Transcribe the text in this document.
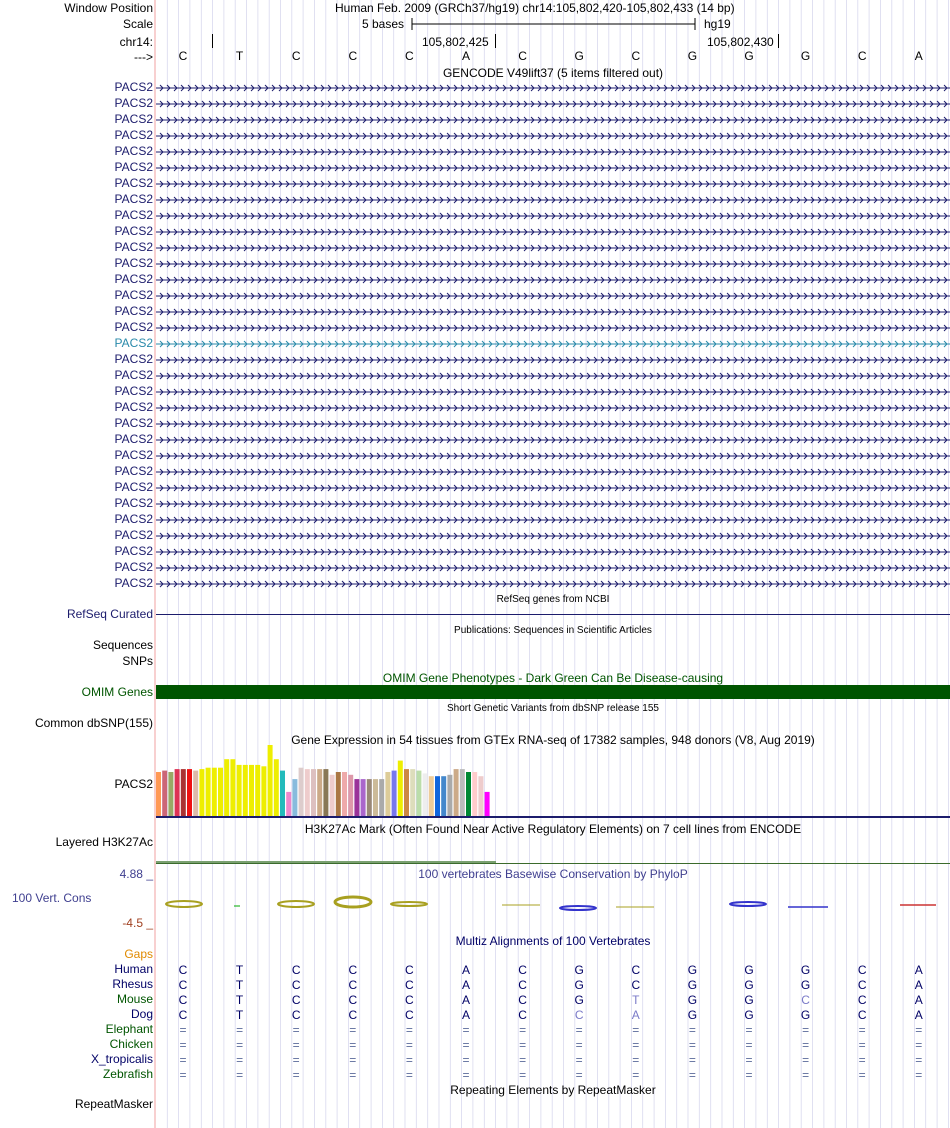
Window Position	Human Feb. 2009 (GRCh37/hg19) chr14:105,802,420-105,802,433 (14 bp)
Scale	5 bases	hg19
chr14:	105,802,425	105,802,430
--->	C	T	C	C	C	A	C	G	C	G	G	G	C	A
GENCODE V49lift37 (5 items filtered out)
PACS2
PACS2
PACS2
PACS2
PACS2
PACS2
PACS2
PACS2
PACS2
PACS2
PACS2
PACS2
PACS2
PACS2
PACS2
PACS2
PACS2
PACS2
PACS2
PACS2
PACS2
PACS2
PACS2
PACS2
PACS2
PACS2
PACS2
PACS2
PACS2
PACS2
PACS2
PACS2
RefSeq genes from NCBI
RefSeq Curated
Publications: Sequences in Scientific Articles
Sequences
SNPs
OMIM Gene Phenotypes - Dark Green Can Be Disease-causing
OMIM Genes
Short Genetic Variants from dbSNP release 155
Common dbSNP(155)
Gene Expression in 54 tissues from GTEx RNA-seq of 17382 samples, 948 donors (V8, Aug 2019)
PACS2
H3K27Ac Mark (Often Found Near Active Regulatory Elements) on 7 cell lines from ENCODE
Layered H3K27Ac
100 vertebrates Basewise Conservation by PhyloP
4.88 _
100 Vert. Cons
-4.5 _
Multiz Alignments of 100 Vertebrates
Gaps
Human	C	T	C	C	C	A	C	G	C	G	G	G	C	A
Rhesus	C	T	C	C	C	A	C	G	C	G	G	G	C	A
Mouse	C	T	C	C	C	A	C	G	T	G	G	C	C	A
Dog	C	T	C	C	C	A	C	C	A	G	G	G	C	A
Elephant	=	=	=	=	=	=	=	=	=	=	=	=	=	=
Chicken	=	=	=	=	=	=	=	=	=	=	=	=	=	=
X_tropicalis	=	=	=	=	=	=	=	=	=	=	=	=	=	=
Zebrafish	=	=	=	=	=	=	=	=	=	=	=	=	=	=
Repeating Elements by RepeatMasker
RepeatMasker
